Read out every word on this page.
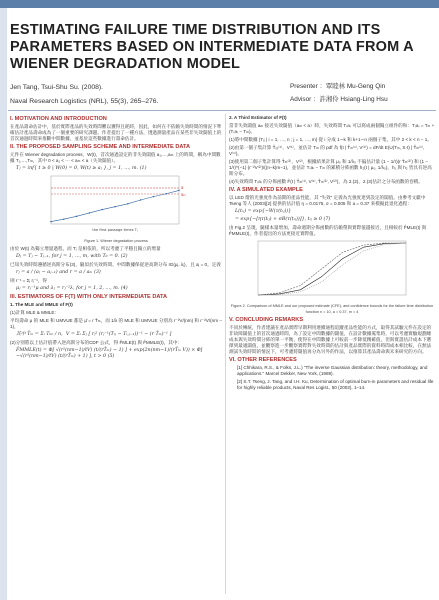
ESTIMATING FAILURE TIME DISTRIBUTION AND ITS PARAMETERS BASED ON INTERMEDIATE DATA FROM A WIENER DEGRADATION MODEL
Jen Tang, Tsui-Shu Su. (2008).
Naval Research Logistics (NRL), 55(3), 265–276.
Presenter ：覃睦林 Mu-Geng Qin
Advisor ：許湘伶 Hsiang-Ling Hsu
I. MOTIVATION AND INTRODUCTION
在產品壽命估計中，基於實際產品的失效時間難以獲得且耗時，因此，如何在不依賴失效時間的情況下準確估計產品壽命成為了一個重要的研究課題。作者提出了一種方法，透過測量產品在某些非失效閾值上的首次通過時間來推斷中間數據，並基於這些數據進行壽命估計。
II. THE PROPOSED SAMPLING SCHEME AND INTERMEDIATE DATA
元件在 Wiener degradation process，W(t)，首次通過設定的非失效閾值 a₁,…,aₘ 上的時間，稱為中間數據 T₁,…,Tₘ，其中 0 < a₁ < ⋯ < aₘ < a（失效閾值）。
Tⱼ = inf{ t ≥ 0 | W(0) = 0, W(t) ≥ aⱼ }, j = 1, …, m. (1)
a
aₘ
the first passage times Tⱼ
Figure 1. Wiener degradation process
由於 W(t) 為獨立增量過程，而 Tⱼ 是相依的，所以考慮了平穩且獨立的增量
Dⱼ = Tⱼ − Tⱼ₋₁, for j = 1, …, m, with T₀ = 0. (2)
已知失效時間遵循逆高斯分布(3)，隨似於失效時間、中間數據保從逆高斯分布 IG(μⱼ, λⱼ)，且 aⱼ = 0。定義
rⱼ = a / (aⱼ − aⱼ₋₁) and r = a / aₘ (3)
則 r⁻¹ = Σⱼ rⱼ⁻¹，得
μⱼ = rⱼ⁻¹μ and λⱼ = rⱼ⁻²λ, for j = 1, 2, …, m. (4)
III. ESTIMATORS OF F(T) WITH ONLY INTERMEDIATE DATA
1. The MLE and MMLE of F(t)
(1)計算 MLE & MMLE：
平均壽命 μ 的 MLE 和 UMVUE 都是 μ̂ = r T̄ₘ，而 1/λ 的 MLE 和 UMVUE 分別為 r⁻²V/(nm) 和 r⁻²V/(nm − 1)，
其中 T̄ₘ = Σᵢ Tₘᵢ / n，V = Σᵢ Σⱼ [ rⱼ² (rⱼ⁻¹(Tᵢⱼ − Tᵢ,ⱼ₋₁))⁻¹ − (r T̄ₘ)⁻¹ ]
(2)分別將以上估計值帶入逆高斯分布的CDF 公式，得 F̂MLE(t) 與 F̂MMLE(t)，其中：
F̂MMLE(t) = Φ[ √(r²(nm−1)/tV) (t/(rT̄ₘ) − 1) ] + exp(2n(nm−1)/(rT̄ₘ V)) × Φ[ −√(r²(nm−1)/tV) (t/(rT̄ₘ) + 1) ], t > 0 (5)
2. A Third Estimator of F(t)
當非失效閾值 aₘ 接近失效閾值（aₘ < a）時，失效時間 T₍a₎ 可以寫成兩個獨立組件的和：T₍a₎ = Tₘ + (T₍a₎ − Tₘ)。
(1)將中間數據 {Tᵢⱼ | i = 1, …, n ; j = 1, …, m} 從 i 分成 1∼k 和 k+1∼n 兩個子集，其中 2 < k < n − 1。
(2)由第一個子集計算 T̂₍ᵢ₎⁽¹⁾、V⁽¹⁾，並估計 Tₘ 的 pdf 為 f(t | T̂ₘ⁽¹⁾, V⁽¹⁾) = dF/dt E(U(Tₘ, S·t) | T̂ₘ⁽¹⁾, V⁽¹⁾)。
(3)使用第二個子集計算得 T̂ₘ⁽²⁾、V⁽²⁾，根據結果計算 μ₀ 和 1/λ₀ 不偏估計量 (1 − 1/r)(r T̄ₘ⁽²⁾) 和 (1 − 1/r)^(−1) (r⁻²V⁽²⁾)/((n−k)m−1)，並估計 T₍a₎ − Tₘ 的累積分佈函數 h₂(t | μ₀, 1/λ₀)，h₁ 與 h₂ 皆具有逆高斯分布。
(4)失效時間 T₍a₎ 的分佈函數 F̂(t | T̂ₘ⁽¹⁾, V⁽¹⁾, T̂ₘ⁽²⁾, V⁽²⁾)，為 2.(2)、2.(3)估計之分布函數的卷積。
IV. A SIMULATED EXAMPLE
以 LED 燈的光強度作為前期的產品性能，其 "失效" 定義為光強度達到設定的閾值。由參考文獻中 Tseng 等人 (2003)[2] 提供的估計值 η = 0.0175, σ = 0.005 和 a = 0.37 來模擬此退化過程：
L(tᵢⱼ) = exp{−W(τ(tᵢⱼ))}
= exp{−[ητ(tᵢⱼ) + σB(τ(tᵢⱼ))]}, tᵢⱼ ≥ 0 (7)
由 Fig.2 呈現，隨樣本量增加，壽命週期分佈函數的信賴帶與實際值越接近，且相較於 F̂MLE(t) 與 F̂MMLE(t)，作者提出的方法更接近實際值。
Figure 2. Comparison of MMLE and our proposed estimate (CFE), and confidence bounds for the failure time distribution function n = 10, a = 0.37, m = 4
V. CONCLUDING REMARKS
不同於傳統，作者建議在產品實際早期利用連續通程追蹤產品性能的方式，取得其試驗元件在設定的非故障閾值上的首次通過時間，為了設定中間數據的閾值，在設計數據蒐集時，可以考慮實驗規劃總成本與失效時間分佈的單一平衡，使得在中間數據上可較前一步降低精確值，但與實證估計成本下選擇到最適閾值，並觀察進一步觀察實際對失效時間的估計與產品實際的資料時間成本相比較，在無法測試失效時間的情況下，可考慮將閾值再分為另外的作法，以推算其產品壽命與未來研究的方向。
VI. OTHER REFERENCES
[1] Chhikara, R.S., & Folks, J.L.) "The inverse Gaussian distribution: theory, methodology, and applications." Marcel Dekker, New York, (1989).
[2] S.T. Tseng, J. Tang, and I.H. Ku, Determination of optimal burn-in parameters and residual life for highly reliable products, Naval Res Logist., 50 (2003), 1–14.
